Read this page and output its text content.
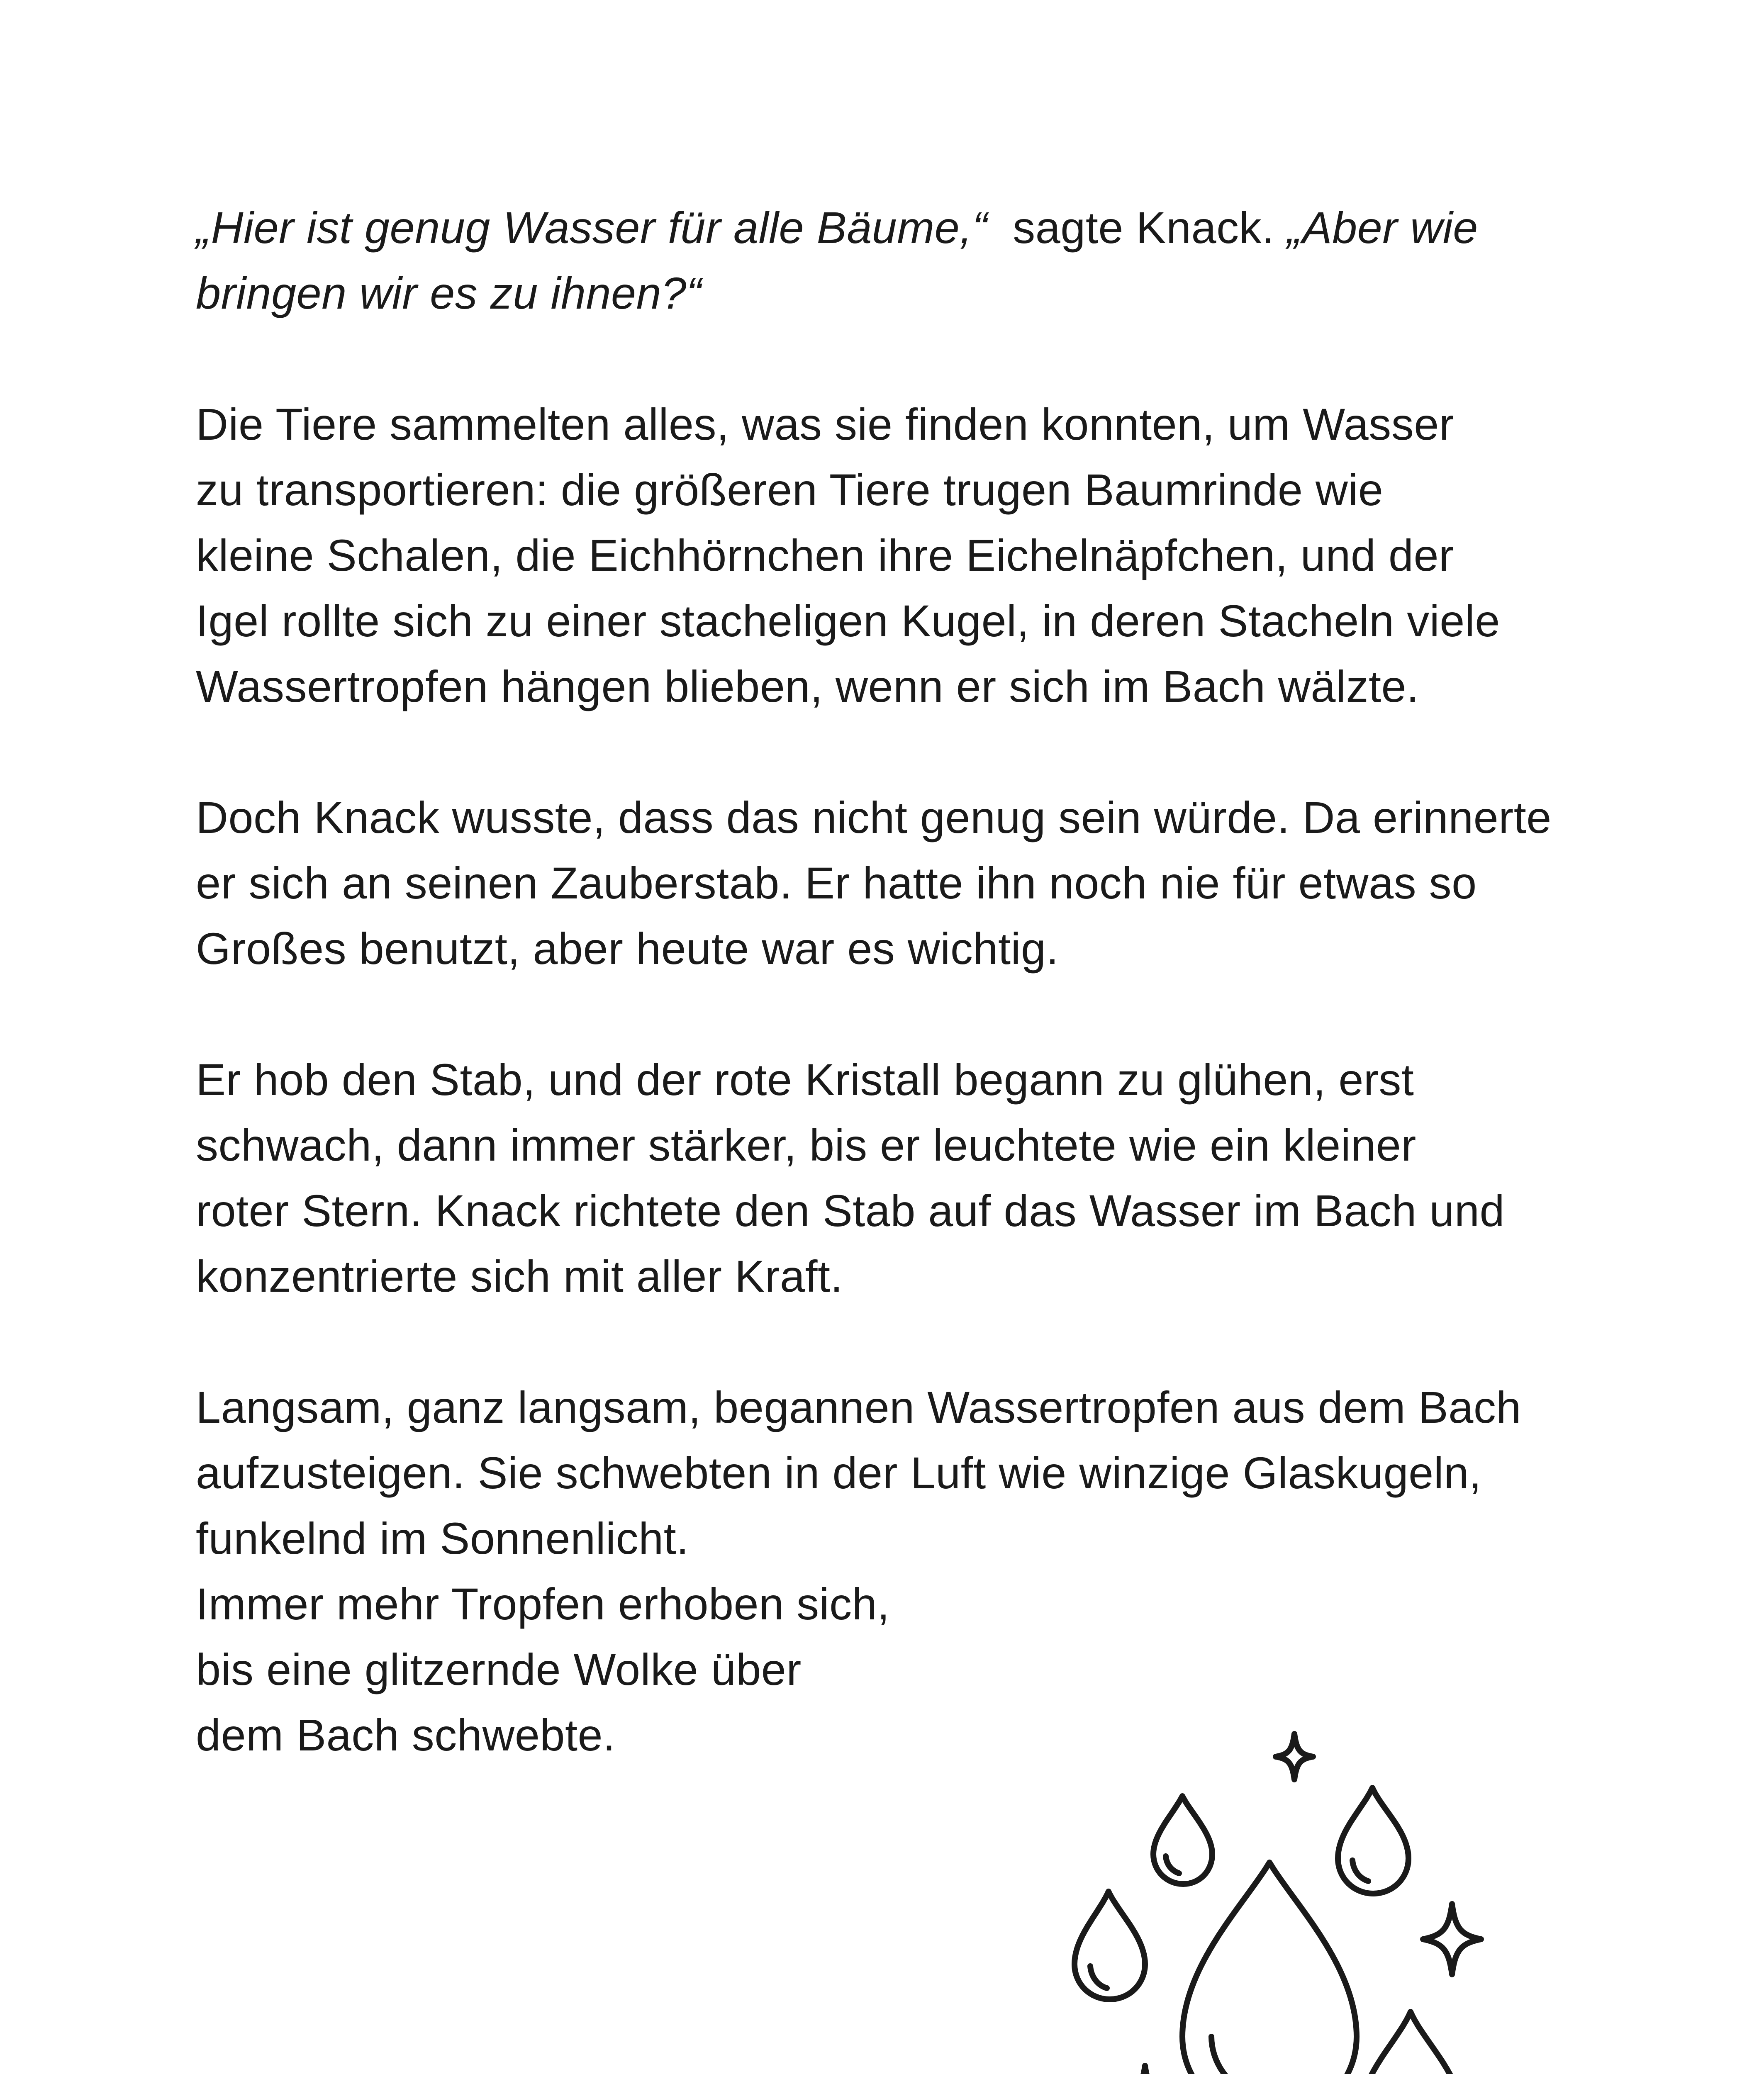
„Hier ist genug Wasser für alle Bäume,“  sagte Knack. „Aber wie
bringen wir es zu ihnen?“

Die Tiere sammelten alles, was sie finden konnten, um Wasser
zu transportieren: die größeren Tiere trugen Baumrinde wie
kleine Schalen, die Eichhörnchen ihre Eichelnäpfchen, und der
Igel rollte sich zu einer stacheligen Kugel, in deren Stacheln viele
Wassertropfen hängen blieben, wenn er sich im Bach wälzte.

Doch Knack wusste, dass das nicht genug sein würde. Da erinnerte
er sich an seinen Zauberstab. Er hatte ihn noch nie für etwas so
Großes benutzt, aber heute war es wichtig.

Er hob den Stab, und der rote Kristall begann zu glühen, erst
schwach, dann immer stärker, bis er leuchtete wie ein kleiner
roter Stern. Knack richtete den Stab auf das Wasser im Bach und
konzentrierte sich mit aller Kraft.

Langsam, ganz langsam, begannen Wassertropfen aus dem Bach
aufzusteigen. Sie schwebten in der Luft wie winzige Glaskugeln,
funkelnd im Sonnenlicht.
Immer mehr Tropfen erhoben sich,
bis eine glitzernde Wolke über
dem Bach schwebte.
